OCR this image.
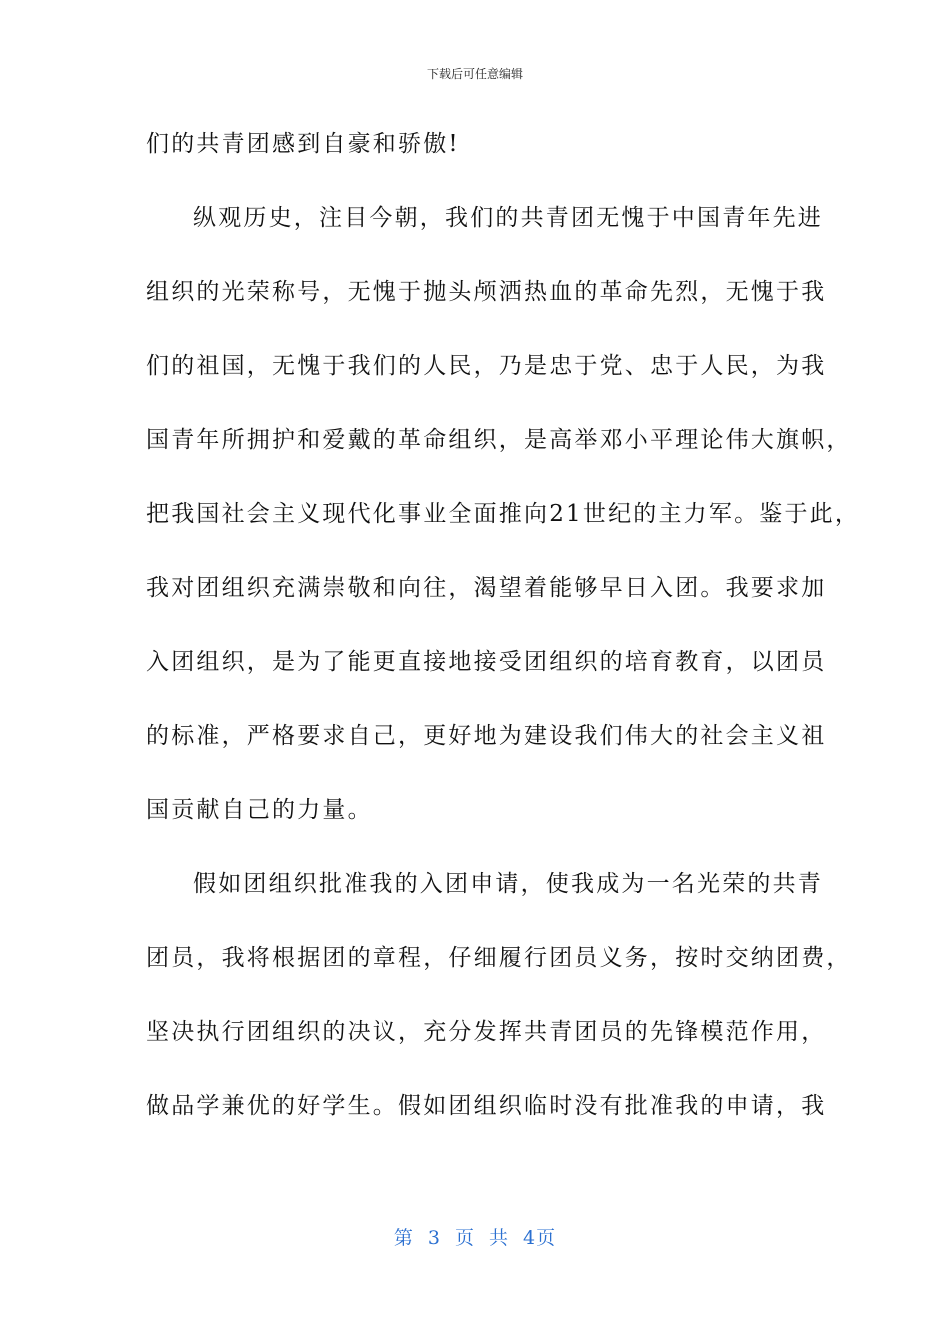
下载后可任意编辑
们的共青团感到自豪和骄傲!
纵观历史，注目今朝，我们的共青团无愧于中国青年先进
组织的光荣称号，无愧于抛头颅洒热血的革命先烈，无愧于我
们的祖国，无愧于我们的人民，乃是忠于党、忠于人民，为我
国青年所拥护和爱戴的革命组织，是高举邓小平理论伟大旗帜，
把我国社会主义现代化事业全面推向21世纪的主力军。鉴于此，
我对团组织充满崇敬和向往，渴望着能够早日入团。我要求加
入团组织，是为了能更直接地接受团组织的培育教育，以团员
的标准，严格要求自己，更好地为建设我们伟大的社会主义祖
国贡献自己的力量。
假如团组织批准我的入团申请，使我成为一名光荣的共青
团员，我将根据团的章程，仔细履行团员义务，按时交纳团费，
坚决执行团组织的决议，充分发挥共青团员的先锋模范作用，
做品学兼优的好学生。假如团组织临时没有批准我的申请，我
第 3 页 共 4页
